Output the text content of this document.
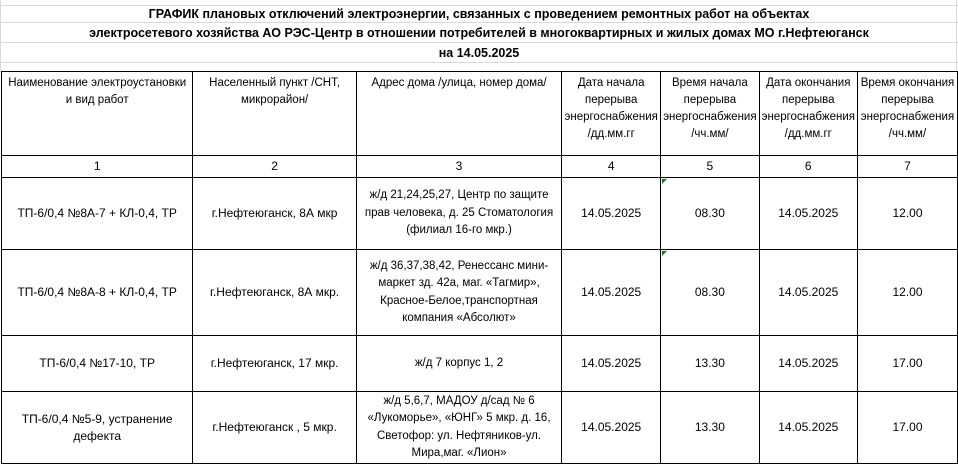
ГРАФИК плановых отключений электроэнергии, связанных с проведением ремонтных работ на объектах
электросетевого хозяйства АО РЭС-Центр в отношении потребителей в многоквартирных и жилых домах МО г.Нефтеюганск
на 14.05.2025
Наименование электроустановки и вид работ	Населенный пункт /СНТ, микрорайон/	Адрес дома /улица, номер дома/	Дата начала перерыва энергоснабжения /дд.мм.гг	Время начала перерыва энергоснабжения /чч.мм/	Дата окончания перерыва энергоснабжения /дд.мм.гг	Время окончания перерыва энергоснабжения /чч.мм/
1	2	3	4	5	6	7
ТП-6/0,4 №8А-7 + КЛ-0,4, ТР	г.Нефтеюганск, 8А мкр	ж/д 21,24,25,27, Центр по защите прав человека, д. 25 Стоматология (филиал 16-го мкр.)	14.05.2025	08.30	14.05.2025	12.00
ТП-6/0,4 №8А-8 + КЛ-0,4, ТР	г.Нефтеюганск, 8А мкр.	ж/д 36,37,38,42, Ренессанс мини-маркет зд. 42а, маг. «Тагмир», Красное-Белое,транспортная компания «Абсолют»	14.05.2025	08.30	14.05.2025	12.00
ТП-6/0,4 №17-10, ТР	г.Нефтеюганск, 17 мкр.	ж/д 7 корпус 1, 2	14.05.2025	13.30	14.05.2025	17.00
ТП-6/0,4 №5-9, устранение дефекта	г.Нефтеюганск , 5 мкр.	ж/д 5,6,7, МАДОУ д/сад № 6 «Лукоморье», «ЮНГ» 5 мкр. д. 16, Светофор: ул. Нефтяников-ул. Мира,маг. «Лион»	14.05.2025	13.30	14.05.2025	17.00
